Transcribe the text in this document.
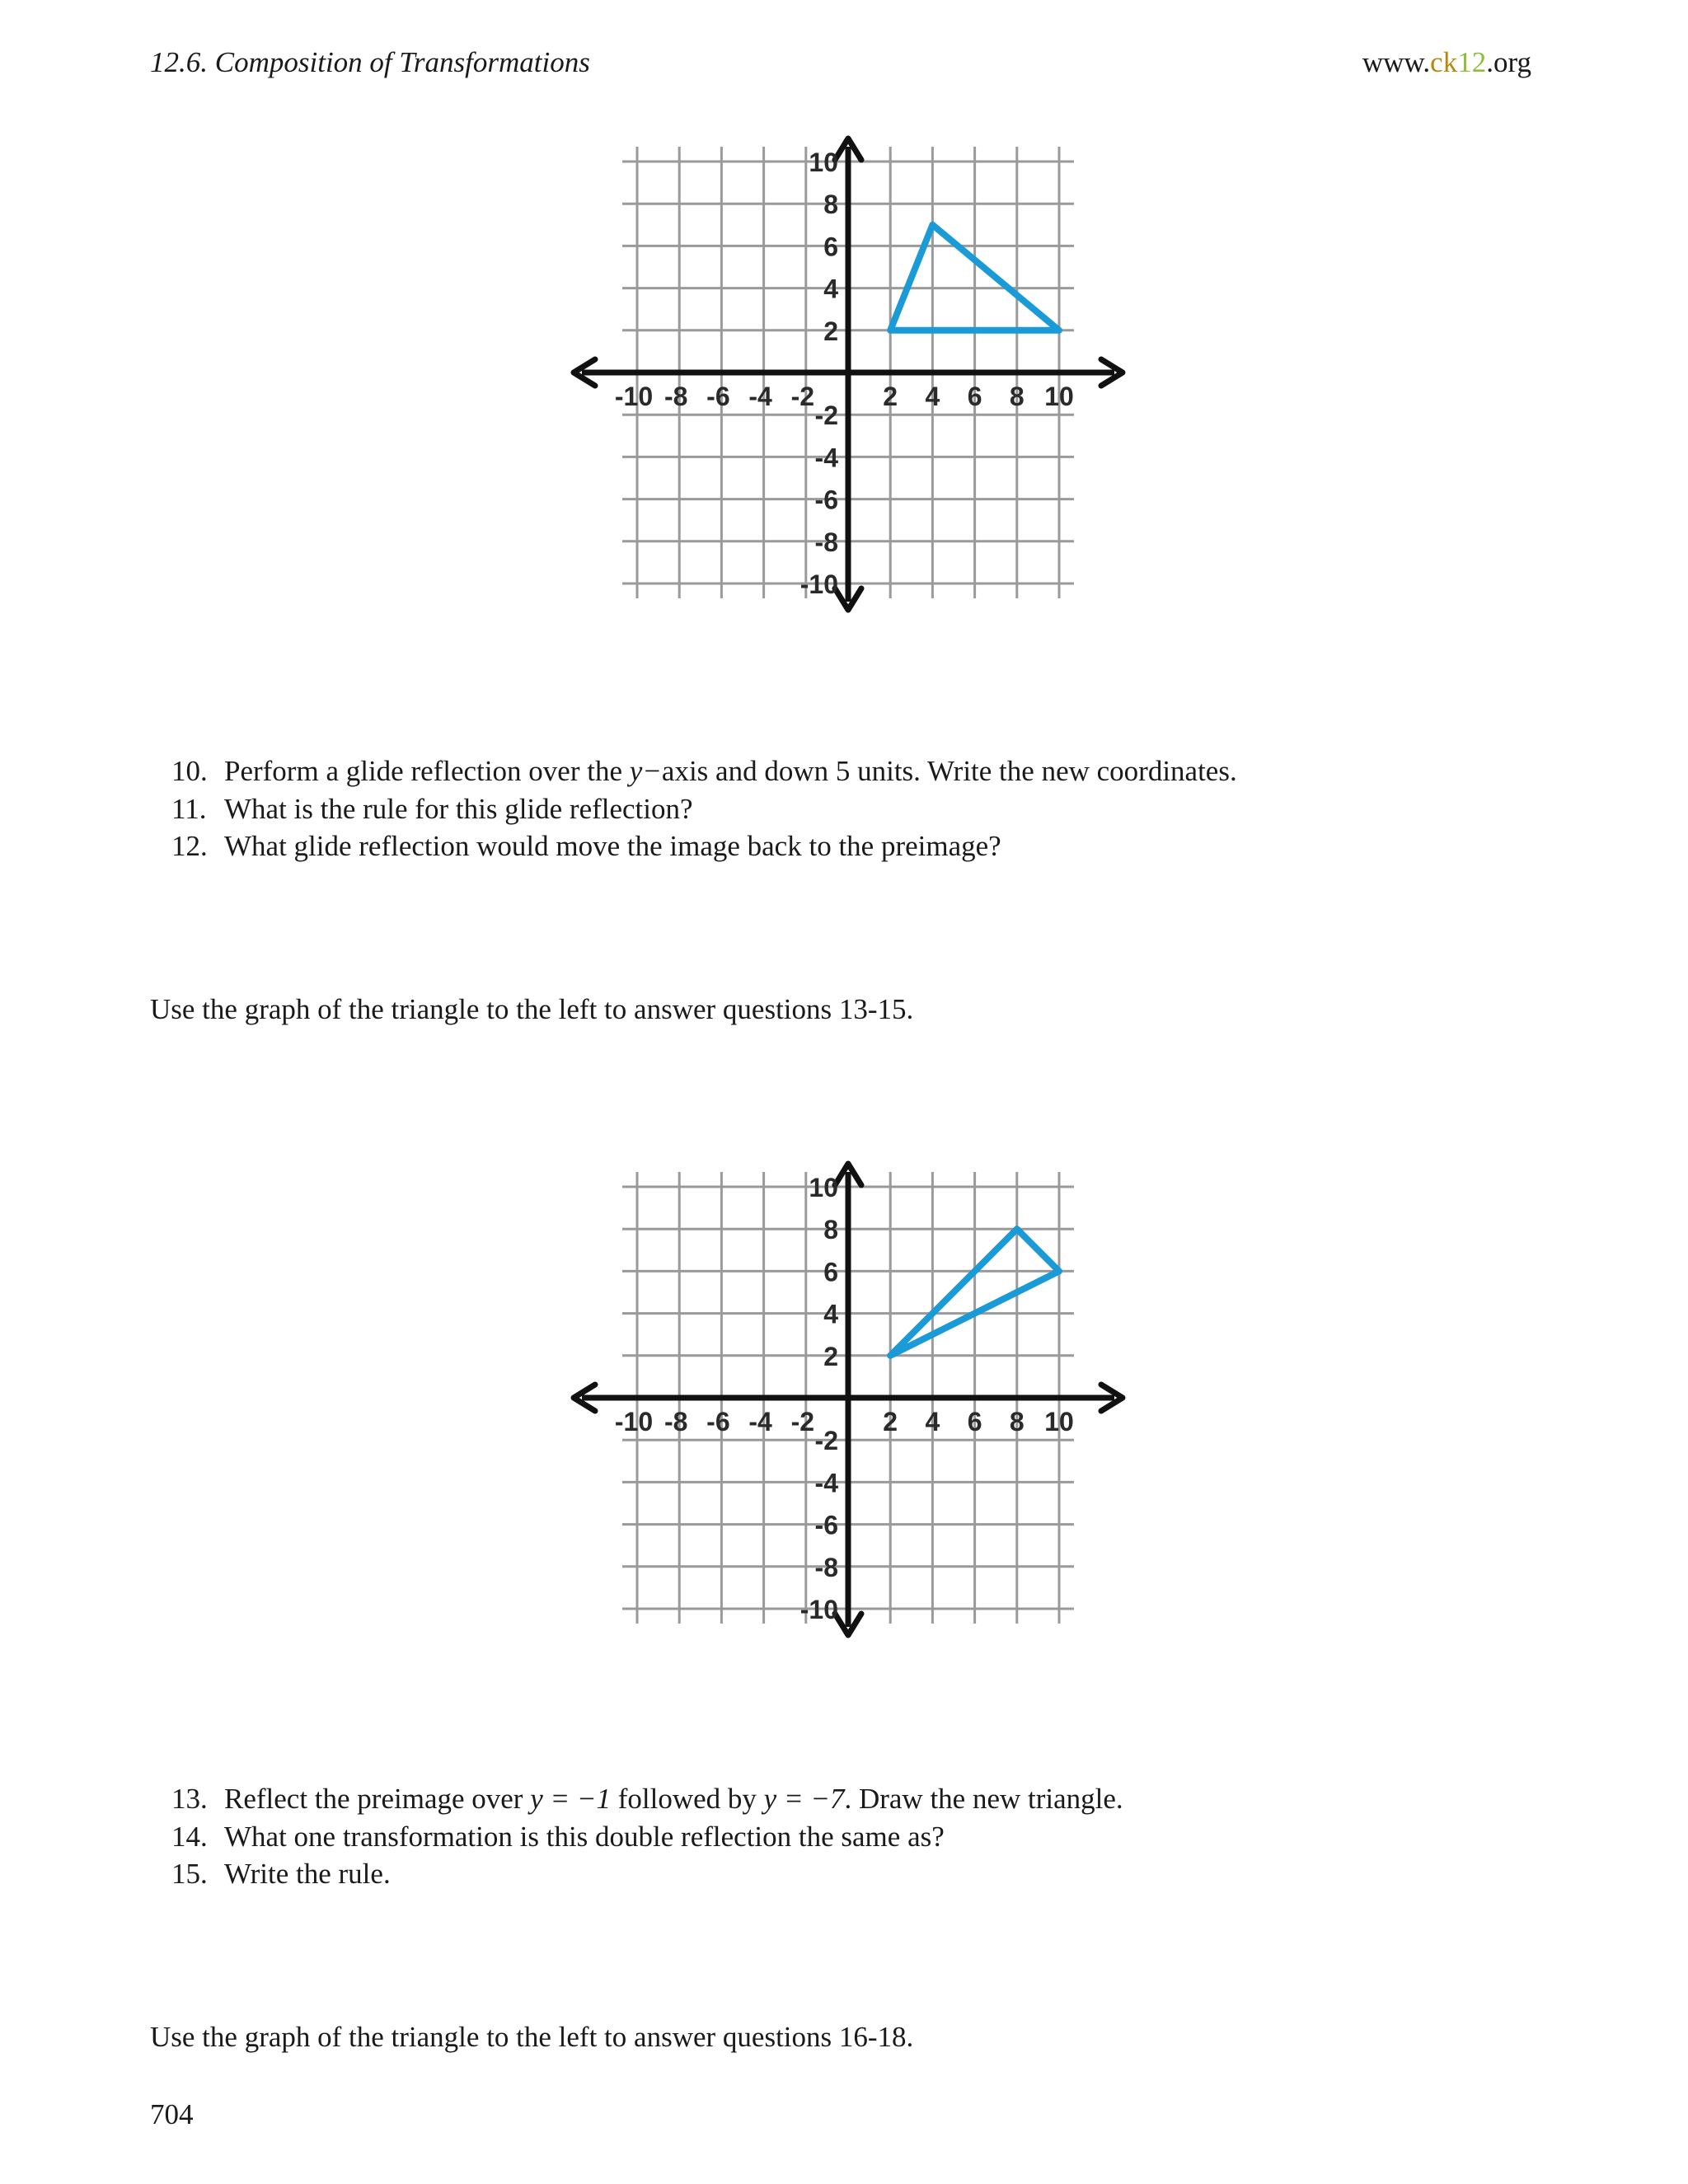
12.6. Composition of Transformations	www.ck12.org
-10 -8 -6 -4 -2	2 4 6 8 10
10
8
6
4
2
-2
-4
-6
-8
-10
10. Perform a glide reflection over the y−axis and down 5 units. Write the new coordinates.
11. What is the rule for this glide reflection?
12. What glide reflection would move the image back to the preimage?
Use the graph of the triangle to the left to answer questions 13-15.
-10 -8 -6 -4 -2	2 4 6 8 10
10
8
6
4
2
-2
-4
-6
-8
-10
13. Reflect the preimage over y = −1 followed by y = −7. Draw the new triangle.
14. What one transformation is this double reflection the same as?
15. Write the rule.
Use the graph of the triangle to the left to answer questions 16-18.
704
